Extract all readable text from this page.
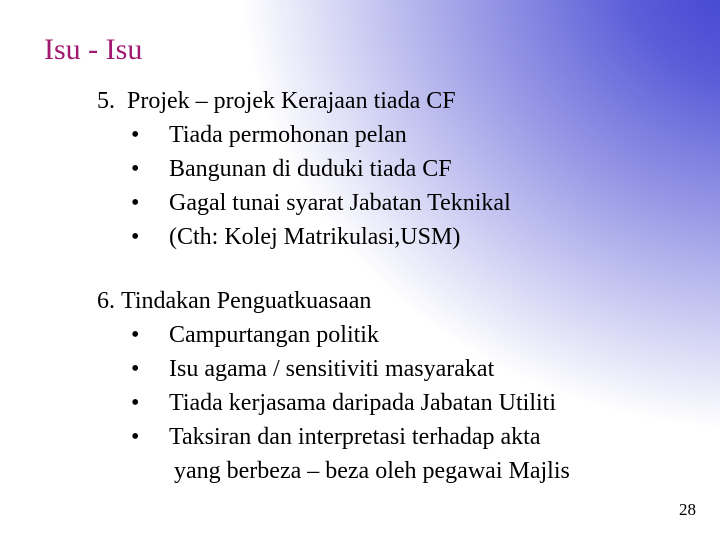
Isu - Isu
5. Projek – projek Kerajaan tiada CF
• Tiada permohonan pelan
• Bangunan di duduki tiada CF
• Gagal tunai syarat Jabatan Teknikal
• (Cth: Kolej Matrikulasi,USM)
6. Tindakan Penguatkuasaan
• Campurtangan politik
• Isu agama / sensitiviti masyarakat
• Tiada kerjasama daripada Jabatan Utiliti
• Taksiran dan interpretasi terhadap akta
yang berbeza – beza oleh pegawai Majlis
28
